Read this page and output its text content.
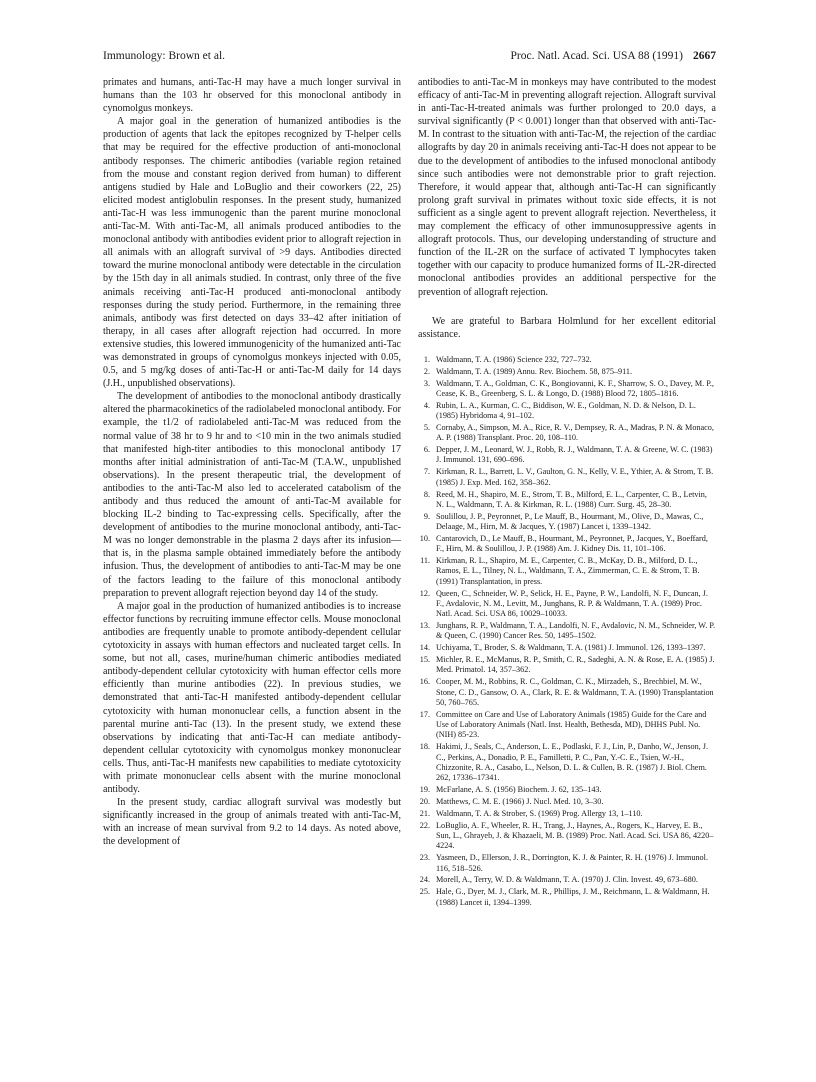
Immunology: Brown et al.	Proc. Natl. Acad. Sci. USA 88 (1991) 2667

primates and humans, anti-Tac-H may have a much longer survival in humans than the 103 hr observed for this monoclonal antibody in cynomolgus monkeys.

A major goal in the generation of humanized antibodies is the production of agents that lack the epitopes recognized by T-helper cells that may be required for the effective production of anti-monoclonal antibody responses. The chimeric antibodies (variable region retained from the mouse and constant region derived from human) to different antigens studied by Hale and LoBuglio and their coworkers (22, 25) elicited modest antiglobulin responses. In the present study, humanized anti-Tac-H was less immunogenic than the parent murine monoclonal anti-Tac-M. With anti-Tac-M, all animals produced antibodies to the monoclonal antibody with antibodies evident prior to allograft rejection in all animals with an allograft survival of >9 days. Antibodies directed toward the murine monoclonal antibody were detectable in the circulation by the 15th day in all animals studied. In contrast, only three of the five animals receiving anti-Tac-H produced anti-monoclonal antibody responses during the study period. Furthermore, in the remaining three animals, antibody was first detected on days 33–42 after initiation of therapy, in all cases after allograft rejection had occurred. In more extensive studies, this lowered immunogenicity of the humanized anti-Tac was demonstrated in groups of cynomolgus monkeys injected with 0.05, 0.5, and 5 mg/kg doses of anti-Tac-H or anti-Tac-M daily for 14 days (J.H., unpublished observations).

The development of antibodies to the monoclonal antibody drastically altered the pharmacokinetics of the radiolabeled monoclonal antibody. For example, the t1/2 of radiolabeled anti-Tac-M was reduced from the normal value of 38 hr to 9 hr and to <10 min in the two animals studied that manifested high-titer antibodies to this monoclonal antibody 17 months after initial administration of anti-Tac-M (T.A.W., unpublished observations). In the present therapeutic trial, the development of antibodies to the anti-Tac-M also led to accelerated catabolism of the antibody and thus reduced the amount of anti-Tac-M available for blocking IL-2 binding to Tac-expressing cells. Specifically, after the development of antibodies to the murine monoclonal antibody, anti-Tac-M was no longer demonstrable in the plasma 2 days after its infusion—that is, in the plasma sample obtained immediately before the antibody infusion. Thus, the development of antibodies to anti-Tac-M may be one of the factors leading to the failure of this monoclonal antibody preparation to prevent allograft rejection beyond day 14 of the study.

A major goal in the production of humanized antibodies is to increase effector functions by recruiting immune effector cells. Mouse monoclonal antibodies are frequently unable to promote antibody-dependent cellular cytotoxicity in assays with human effectors and nucleated target cells. In some, but not all, cases, murine/human chimeric antibodies mediated antibody-dependent cellular cytotoxicity with human effector cells more efficiently than murine antibodies (22). In previous studies, we demonstrated that anti-Tac-H manifested antibody-dependent cellular cytotoxicity with human mononuclear cells, a function absent in the parental murine anti-Tac (13). In the present study, we extend these observations by indicating that anti-Tac-H can mediate antibody-dependent cellular cytotoxicity with cynomolgus monkey mononuclear cells. Thus, anti-Tac-H manifests new capabilities to mediate cytotoxicity with primate mononuclear cells absent with the murine monoclonal antibody.

In the present study, cardiac allograft survival was modestly but significantly increased in the group of animals treated with anti-Tac-M, with an increase of mean survival from 9.2 to 14 days. As noted above, the development of

antibodies to anti-Tac-M in monkeys may have contributed to the modest efficacy of anti-Tac-M in preventing allograft rejection. Allograft survival in anti-Tac-H-treated animals was further prolonged to 20.0 days, a survival significantly (P < 0.001) longer than that observed with anti-Tac-M. In contrast to the situation with anti-Tac-M, the rejection of the cardiac allografts by day 20 in animals receiving anti-Tac-H does not appear to be due to the development of antibodies to the infused monoclonal antibody since such antibodies were not demonstrable prior to graft rejection. Therefore, it would appear that, although anti-Tac-H can significantly prolong graft survival in primates without toxic side effects, it is not sufficient as a single agent to prevent allograft rejection. Nevertheless, it may complement the efficacy of other immunosuppressive agents in allograft protocols. Thus, our developing understanding of structure and function of the IL-2R on the surface of activated T lymphocytes taken together with our capacity to produce humanized forms of IL-2R-directed monoclonal antibodies provides an additional perspective for the prevention of allograft rejection.

We are grateful to Barbara Holmlund for her excellent editorial assistance.

1. Waldmann, T. A. (1986) Science 232, 727–732.
2. Waldmann, T. A. (1989) Annu. Rev. Biochem. 58, 875–911.
3. Waldmann, T. A., Goldman, C. K., Bongiovanni, K. F., Sharrow, S. O., Davey, M. P., Cease, K. B., Greenberg, S. L. & Longo, D. (1988) Blood 72, 1805–1816.
4. Rubin, L. A., Kurman, C. C., Biddison, W. E., Goldman, N. D. & Nelson, D. L. (1985) Hybridoma 4, 91–102.
5. Cornaby, A., Simpson, M. A., Rice, R. V., Dempsey, R. A., Madras, P. N. & Monaco, A. P. (1988) Transplant. Proc. 20, 108–110.
6. Depper, J. M., Leonard, W. J., Robb, R. J., Waldmann, T. A. & Greene, W. C. (1983) J. Immunol. 131, 690–696.
7. Kirkman, R. L., Barrett, L. V., Gaulton, G. N., Kelly, V. E., Ythier, A. & Strom, T. B. (1985) J. Exp. Med. 162, 358–362.
8. Reed, M. H., Shapiro, M. E., Strom, T. B., Milford, E. L., Carpenter, C. B., Letvin, N. L., Waldmann, T. A. & Kirkman, R. L. (1988) Curr. Surg. 45, 28–30.
9. Soulillou, J. P., Peyronnet, P., Le Mauff, B., Hourmant, M., Olive, D., Mawas, C., Delaage, M., Hirn, M. & Jacques, Y. (1987) Lancet i, 1339–1342.
10. Cantarovich, D., Le Mauff, B., Hourmant, M., Peyronnet, P., Jacques, Y., Boeffard, F., Hirn, M. & Soulillou, J. P. (1988) Am. J. Kidney Dis. 11, 101–106.
11. Kirkman, R. L., Shapiro, M. E., Carpenter, C. B., McKay, D. B., Milford, D. L., Ramos, E. L., Tilney, N. L., Waldmann, T. A., Zimmerman, C. E. & Strom, T. B. (1991) Transplantation, in press.
12. Queen, C., Schneider, W. P., Selick, H. E., Payne, P. W., Landolfi, N. F., Duncan, J. F., Avdalovic, N. M., Levitt, M., Junghans, R. P. & Waldmann, T. A. (1989) Proc. Natl. Acad. Sci. USA 86, 10029–10033.
13. Junghans, R. P., Waldmann, T. A., Landolfi, N. F., Avdalovic, N. M., Schneider, W. P. & Queen, C. (1990) Cancer Res. 50, 1495–1502.
14. Uchiyama, T., Broder, S. & Waldmann, T. A. (1981) J. Immunol. 126, 1393–1397.
15. Michler, R. E., McManus, R. P., Smith, C. R., Sadeghi, A. N. & Rose, E. A. (1985) J. Med. Primatol. 14, 357–362.
16. Cooper, M. M., Robbins, R. C., Goldman, C. K., Mirzadeh, S., Brechbiel, M. W., Stone, C. D., Gansow, O. A., Clark, R. E. & Waldmann, T. A. (1990) Transplantation 50, 760–765.
17. Committee on Care and Use of Laboratory Animals (1985) Guide for the Care and Use of Laboratory Animals (Natl. Inst. Health, Bethesda, MD), DHHS Publ. No. (NIH) 85-23.
18. Hakimi, J., Seals, C., Anderson, L. E., Podlaski, F. J., Lin, P., Danho, W., Jenson, J. C., Perkins, A., Donadio, P. E., Familletti, P. C., Pan, Y.-C. E., Tsien, W.-H., Chizzonite, R. A., Casabo, L., Nelson, D. L. & Cullen, B. R. (1987) J. Biol. Chem. 262, 17336–17341.
19. McFarlane, A. S. (1956) Biochem. J. 62, 135–143.
20. Matthews, C. M. E. (1966) J. Nucl. Med. 10, 3–30.
21. Waldmann, T. A. & Strober, S. (1969) Prog. Allergy 13, 1–110.
22. LoBuglio, A. F., Wheeler, R. H., Trang, J., Haynes, A., Rogers, K., Harvey, E. B., Sun, L., Ghrayeb, J. & Khazaeli, M. B. (1989) Proc. Natl. Acad. Sci. USA 86, 4220–4224.
23. Yasmeen, D., Ellerson, J. R., Dorrington, K. J. & Painter, R. H. (1976) J. Immunol. 116, 518–526.
24. Morell, A., Terry, W. D. & Waldmann, T. A. (1970) J. Clin. Invest. 49, 673–680.
25. Hale, G., Dyer, M. J., Clark, M. R., Phillips, J. M., Reichmann, L. & Waldmann, H. (1988) Lancet ii, 1394–1399.
